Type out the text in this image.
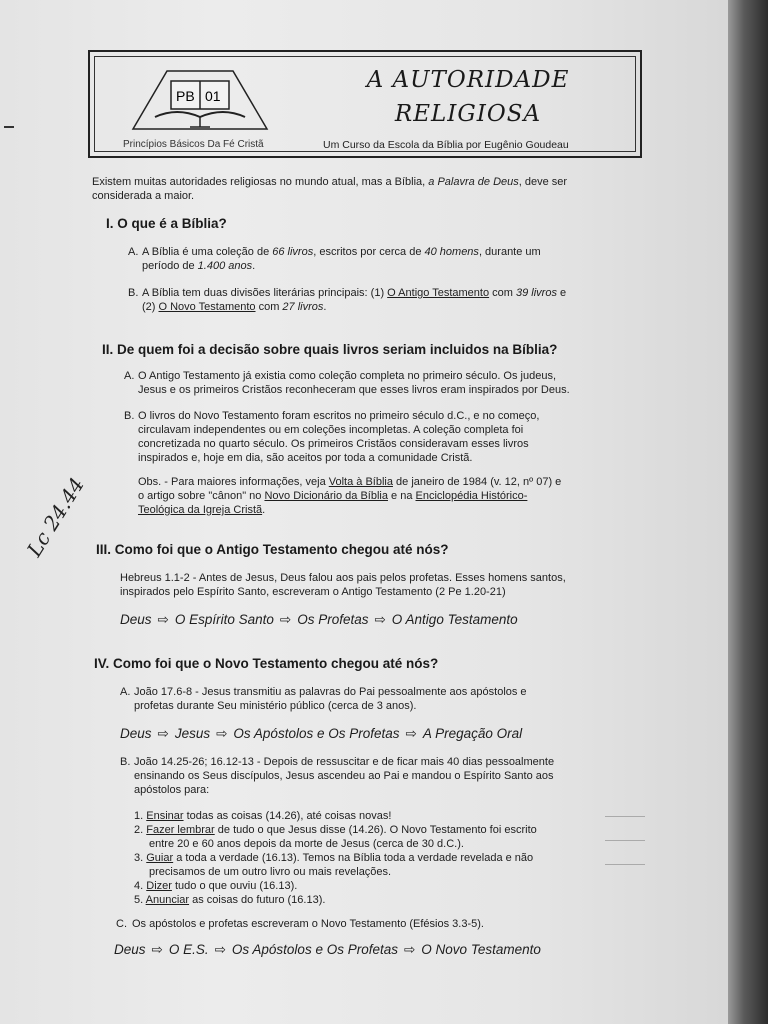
PB 01
Princípios Básicos Da Fé Cristã
A AUTORIDADE
RELIGIOSA
Um Curso da Escola da Bíblia por Eugênio Goudeau
Existem muitas autoridades religiosas no mundo atual, mas a Bíblia, a Palavra de Deus, deve ser
considerada a maior.
I. O que é a Bíblia?
A. A Bíblia é uma coleção de 66 livros, escritos por cerca de 40 homens, durante um
período de 1.400 anos.
B. A Bíblia tem duas divisões literárias principais: (1) O Antigo Testamento com 39 livros e
(2) O Novo Testamento com 27 livros.
II. De quem foi a decisão sobre quais livros seriam incluidos na Bíblia?
A. O Antigo Testamento já existia como coleção completa no primeiro século. Os judeus,
Jesus e os primeiros Cristãos reconheceram que esses livros eram inspirados por Deus.
B. O livros do Novo Testamento foram escritos no primeiro século d.C., e no começo,
circulavam independentes ou em coleções incompletas. A coleção completa foi
concretizada no quarto século. Os primeiros Cristãos consideravam esses livros
inspirados e, hoje em dia, são aceitos por toda a comunidade Cristã.
Obs. - Para maiores informações, veja Volta à Bíblia de janeiro de 1984 (v. 12, nº 07) e
o artigo sobre "cânon" no Novo Dicionário da Bíblia e na Enciclopédia Histórico-
Teológica da Igreja Cristã.
Lc 24.44 III. Como foi que o Antigo Testamento chegou até nós?
Hebreus 1.1-2 - Antes de Jesus, Deus falou aos pais pelos profetas. Esses homens santos,
inspirados pelo Espírito Santo, escreveram o Antigo Testamento (2 Pe 1.20-21)
Deus ⇨ O Espírito Santo ⇨ Os Profetas ⇨ O Antigo Testamento
IV. Como foi que o Novo Testamento chegou até nós?
A. João 17.6-8 - Jesus transmitiu as palavras do Pai pessoalmente aos apóstolos e
profetas durante Seu ministério público (cerca de 3 anos).
Deus ⇨ Jesus ⇨ Os Apóstolos e Os Profetas ⇨ A Pregação Oral
B. João 14.25-26; 16.12-13 - Depois de ressuscitar e de ficar mais 40 dias pessoalmente
ensinando os Seus discípulos, Jesus ascendeu ao Pai e mandou o Espírito Santo aos
apóstolos para:
1. Ensinar todas as coisas (14.26), até coisas novas!
2. Fazer lembrar de tudo o que Jesus disse (14.26). O Novo Testamento foi escrito
entre 20 e 60 anos depois da morte de Jesus (cerca de 30 d.C.).
3. Guiar a toda a verdade (16.13). Temos na Bíblia toda a verdade revelada e não
precisamos de um outro livro ou mais revelações.
4. Dizer tudo o que ouviu (16.13).
5. Anunciar as coisas do futuro (16.13).
C. Os apóstolos e profetas escreveram o Novo Testamento (Efésios 3.3-5).
Deus ⇨ O E.S. ⇨ Os Apóstolos e Os Profetas ⇨ O Novo Testamento
